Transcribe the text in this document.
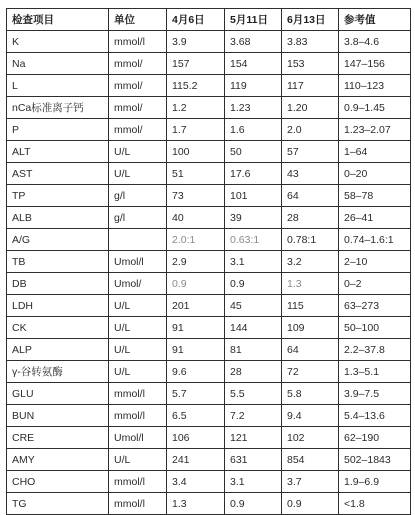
检查项目	单位	4月6日	5月11日	6月13日	参考值
K	mmol/l	3.9	3.68	3.83	3.8–4.6
Na	mmol/	157	154	153	147–156
L	mmol/	115.2	119	117	110–123
nCa标准离子钙	mmol/	1.2	1.23	1.20	0.9–1.45
P	mmol/	1.7	1.6	2.0	1.23–2.07
ALT	U/L	100	50	57	1–64
AST	U/L	51	17.6	43	0–20
TP	g/l	73	101	64	58–78
ALB	g/l	40	39	28	26–41
A/G		2.0:1	0.63:1	0.78:1	0.74–1.6:1
TB	Umol/l	2.9	3.1	3.2	2–10
DB	Umol/	0.9	0.9	1.3	0–2
LDH	U/L	201	45	115	63–273
CK	U/L	91	144	109	50–100
ALP	U/L	91	81	64	2.2–37.8
γ-谷转氨酶	U/L	9.6	28	72	1.3–5.1
GLU	mmol/l	5.7	5.5	5.8	3.9–7.5
BUN	mmol/l	6.5	7.2	9.4	5.4–13.6
CRE	Umol/l	106	121	102	62–190
AMY	U/L	241	631	854	502–1843
CHO	mmol/l	3.4	3.1	3.7	1.9–6.9
TG	mmol/l	1.3	0.9	0.9	<1.8
